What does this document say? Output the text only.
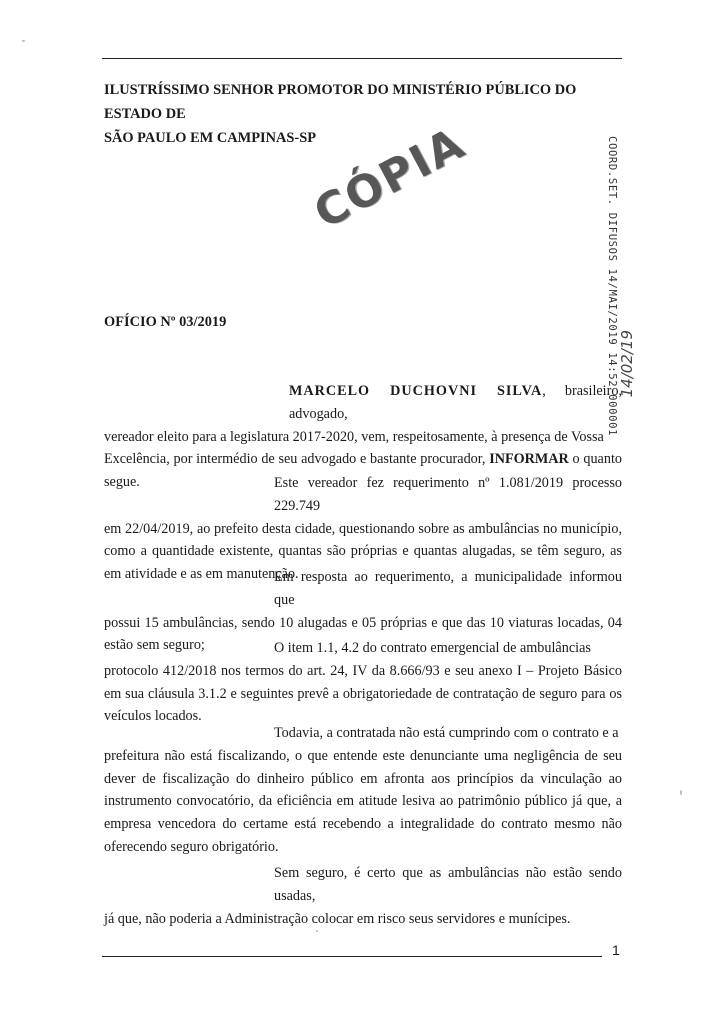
ILUSTRÍSSIMO SENHOR PROMOTOR DO MINISTÉRIO PÚBLICO DO ESTADO DE
SÃO PAULO EM CAMPINAS-SP
CÓPIA	COORD.SET. DIFUSOS 14/MAI/2019 14:52 000001 14/02/19
OFÍCIO Nº 03/2019
MARCELO DUCHOVNI SILVA, brasileiro, advogado,
vereador eleito para a legislatura 2017-2020, vem, respeitosamente, à presença de Vossa
Excelência, por intermédio de seu advogado e bastante procurador, INFORMAR o quanto segue.	Este vereador fez requerimento nº 1.081/2019 processo 229.749
em 22/04/2019, ao prefeito desta cidade, questionando sobre as ambulâncias no município, como a quantidade existente, quantas são próprias e quantas alugadas, se têm seguro, as em atividade e as em manutenção.
Em resposta ao requerimento, a municipalidade informou que
possui 15 ambulâncias, sendo 10 alugadas e 05 próprias e que das 10 viaturas locadas, 04 estão sem seguro;	O item 1.1, 4.2 do contrato emergencial de ambulâncias
protocolo 412/2018 nos termos do art. 24, IV da 8.666/93 e seu anexo I – Projeto Básico em sua cláusula 3.1.2 e seguintes prevê a obrigatoriedade de contratação de seguro para os veículos locados.
Todavia, a contratada não está cumprindo com o contrato e a
prefeitura não está fiscalizando, o que entende este denunciante uma negligência de seu dever de fiscalização do dinheiro público em afronta aos princípios da vinculação ao instrumento convocatório, da eficiência em atitude lesiva ao patrimônio público já que, a empresa vencedora do certame está recebendo a integralidade do contrato mesmo não oferecendo seguro obrigatório.
Sem seguro, é certo que as ambulâncias não estão sendo usadas,
já que, não poderia a Administração colocar em risco seus servidores e munícipes.
1
